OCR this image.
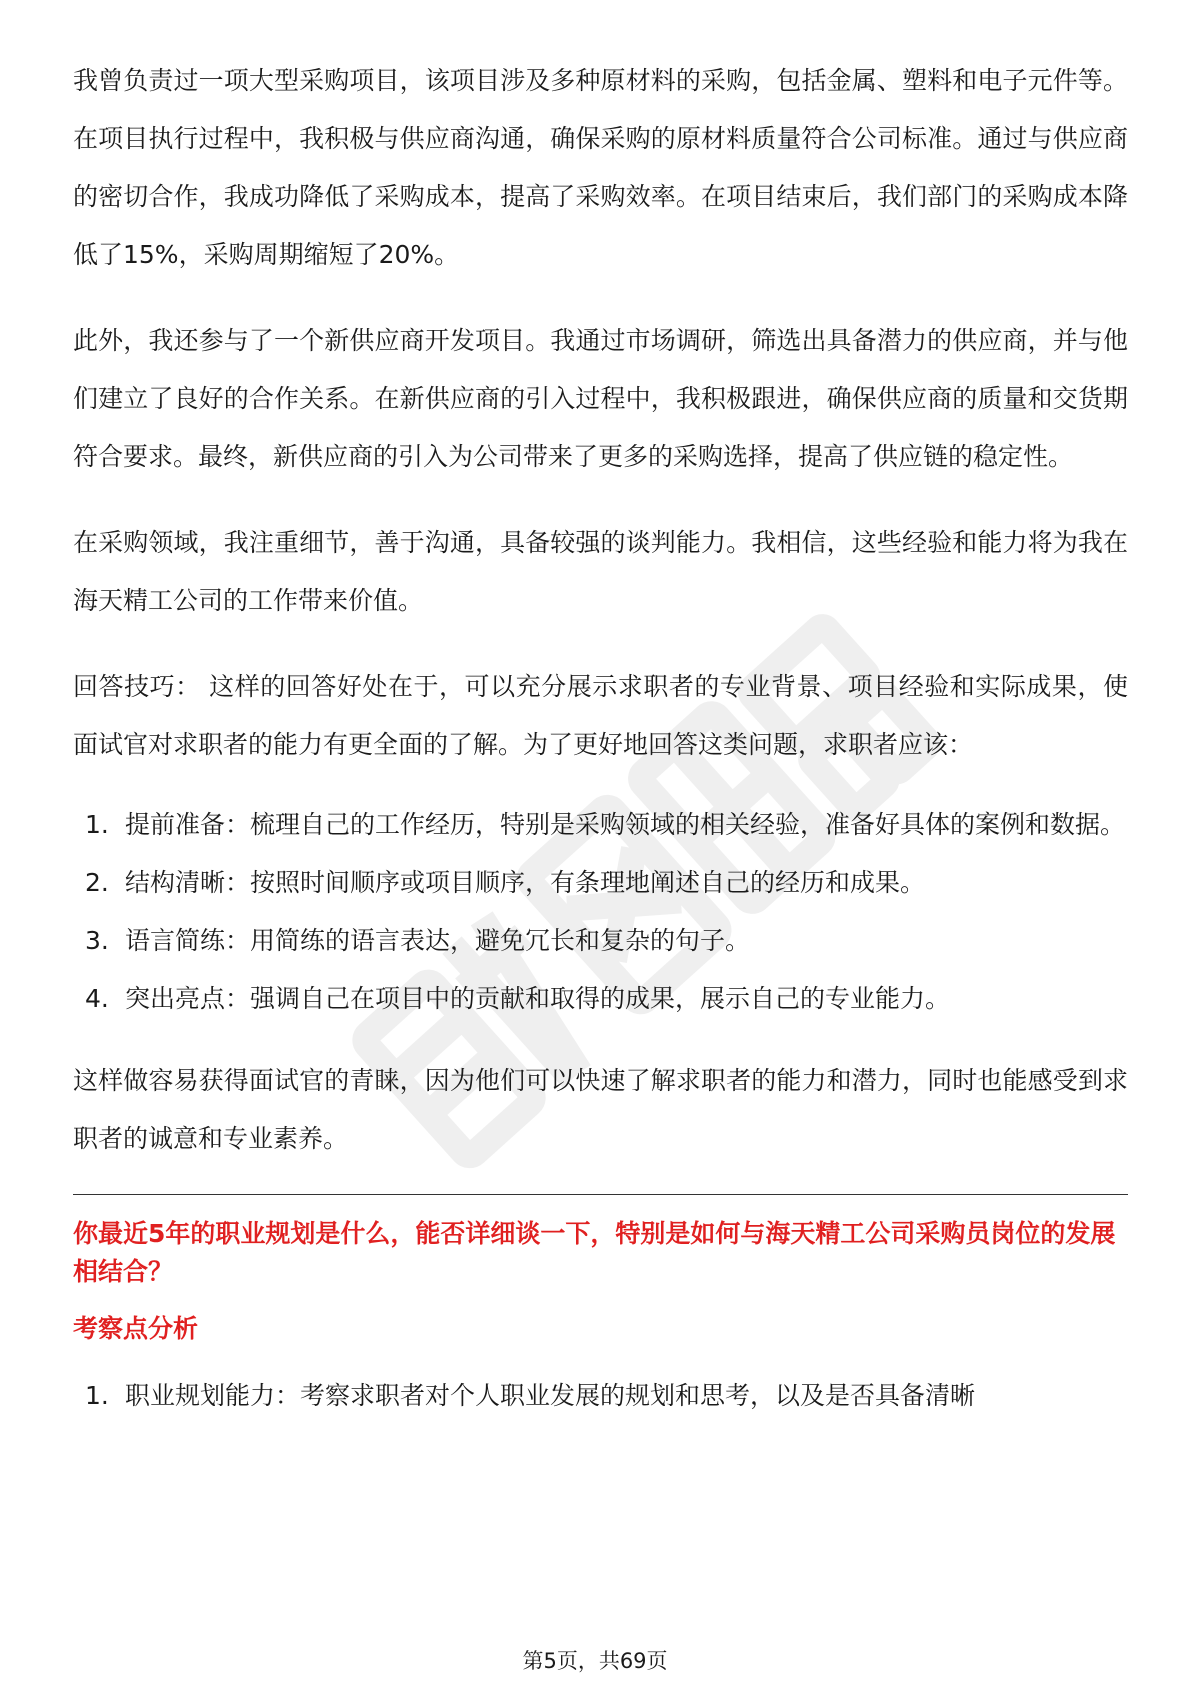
我曾负责过一项大型采购项目，该项目涉及多种原材料的采购，包括金属、塑料和电子元件等。在项目执行过程中，我积极与供应商沟通，确保采购的原材料质量符合公司标准。通过与供应商的密切合作，我成功降低了采购成本，提高了采购效率。在项目结束后，我们部门的采购成本降低了15%，采购周期缩短了20%。

此外，我还参与了一个新供应商开发项目。我通过市场调研，筛选出具备潜力的供应商，并与他们建立了良好的合作关系。在新供应商的引入过程中，我积极跟进，确保供应商的质量和交货期符合要求。最终，新供应商的引入为公司带来了更多的采购选择，提高了供应链的稳定性。

在采购领域，我注重细节，善于沟通，具备较强的谈判能力。我相信，这些经验和能力将为我在海天精工公司的工作带来价值。

回答技巧： 这样的回答好处在于，可以充分展示求职者的专业背景、项目经验和实际成果，使面试官对求职者的能力有更全面的了解。为了更好地回答这类问题，求职者应该：

1. 提前准备：梳理自己的工作经历，特别是采购领域的相关经验，准备好具体的案例和数据。
2. 结构清晰：按照时间顺序或项目顺序，有条理地阐述自己的经历和成果。
3. 语言简练：用简练的语言表达，避免冗长和复杂的句子。
4. 突出亮点：强调自己在项目中的贡献和取得的成果，展示自己的专业能力。

这样做容易获得面试官的青睐，因为他们可以快速了解求职者的能力和潜力，同时也能感受到求职者的诚意和专业素养。

你最近5年的职业规划是什么，能否详细谈一下，特别是如何与海天精工公司采购员岗位的发展相结合？

考察点分析

1. 职业规划能力：考察求职者对个人职业发展的规划和思考，以及是否具备清晰
第5页，共69页
